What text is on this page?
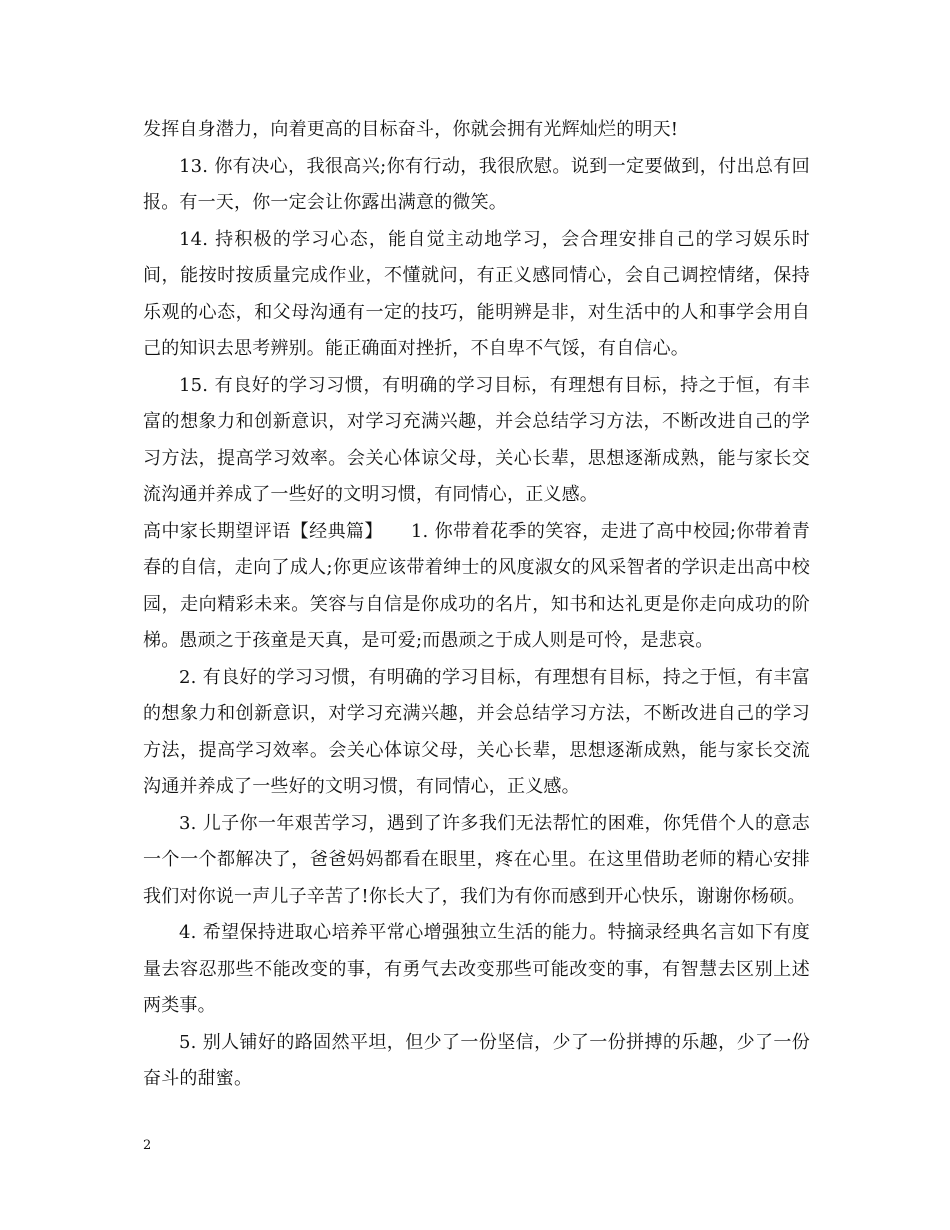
发挥自身潜力，向着更高的目标奋斗，你就会拥有光辉灿烂的明天!

13. 你有决心，我很高兴;你有行动，我很欣慰。说到一定要做到，付出总有回报。有一天，你一定会让你露出满意的微笑。

14. 持积极的学习心态，能自觉主动地学习，会合理安排自己的学习娱乐时间，能按时按质量完成作业，不懂就问，有正义感同情心，会自己调控情绪，保持乐观的心态，和父母沟通有一定的技巧，能明辨是非，对生活中的人和事学会用自己的知识去思考辨别。能正确面对挫折，不自卑不气馁，有自信心。

15. 有良好的学习习惯，有明确的学习目标，有理想有目标，持之于恒，有丰富的想象力和创新意识，对学习充满兴趣，并会总结学习方法，不断改进自己的学习方法，提高学习效率。会关心体谅父母，关心长辈，思想逐渐成熟，能与家长交流沟通并养成了一些好的文明习惯，有同情心，正义感。

高中家长期望评语【经典篇】　　1. 你带着花季的笑容，走进了高中校园;你带着青春的自信，走向了成人;你更应该带着绅士的风度淑女的风采智者的学识走出高中校园，走向精彩未来。笑容与自信是你成功的名片，知书和达礼更是你走向成功的阶梯。愚顽之于孩童是天真，是可爱;而愚顽之于成人则是可怜，是悲哀。

2. 有良好的学习习惯，有明确的学习目标，有理想有目标，持之于恒，有丰富的想象力和创新意识，对学习充满兴趣，并会总结学习方法，不断改进自己的学习方法，提高学习效率。会关心体谅父母，关心长辈，思想逐渐成熟，能与家长交流沟通并养成了一些好的文明习惯，有同情心，正义感。

3. 儿子你一年艰苦学习，遇到了许多我们无法帮忙的困难，你凭借个人的意志一个一个都解决了，爸爸妈妈都看在眼里，疼在心里。在这里借助老师的精心安排我们对你说一声儿子辛苦了!你长大了，我们为有你而感到开心快乐，谢谢你杨硕。

4. 希望保持进取心培养平常心增强独立生活的能力。特摘录经典名言如下有度量去容忍那些不能改变的事，有勇气去改变那些可能改变的事，有智慧去区别上述两类事。

5. 别人铺好的路固然平坦，但少了一份坚信，少了一份拼搏的乐趣，少了一份奋斗的甜蜜。

2
